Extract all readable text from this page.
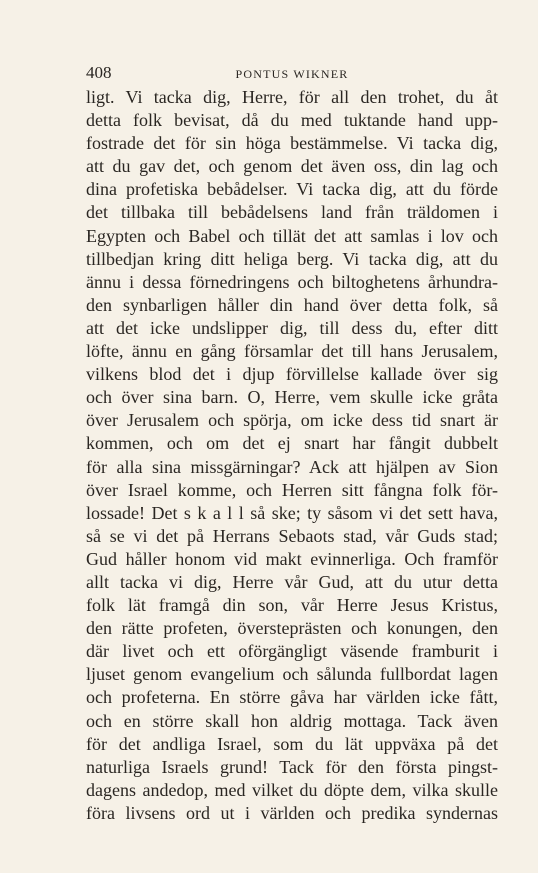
408	PONTUS WIKNER
ligt. Vi tacka dig, Herre, för all den trohet, du åt
detta folk bevisat, då du med tuktande hand upp-
fostrade det för sin höga bestämmelse. Vi tacka dig,
att du gav det, och genom det även oss, din lag och
dina profetiska bebådelser. Vi tacka dig, att du förde
det tillbaka till bebådelsens land från träldomen i
Egypten och Babel och tillät det att samlas i lov och
tillbedjan kring ditt heliga berg. Vi tacka dig, att du
ännu i dessa förnedringens och biltoghetens århundra-
den synbarligen håller din hand över detta folk, så
att det icke undslipper dig, till dess du, efter ditt
löfte, ännu en gång församlar det till hans Jerusalem,
vilkens blod det i djup förvillelse kallade över sig
och över sina barn. O, Herre, vem skulle icke gråta
över Jerusalem och spörja, om icke dess tid snart är
kommen, och om det ej snart har fångit dubbelt
för alla sina missgärningar? Ack att hjälpen av Sion
över Israel komme, och Herren sitt fångna folk för-
lossade! Det s k a l l så ske; ty såsom vi det sett hava,
så se vi det på Herrans Sebaots stad, vår Guds stad;
Gud håller honom vid makt evinnerliga. Och framför
allt tacka vi dig, Herre vår Gud, att du utur detta
folk lät framgå din son, vår Herre Jesus Kristus,
den rätte profeten, översteprästen och konungen, den
där livet och ett oförgängligt väsende framburit i
ljuset genom evangelium och sålunda fullbordat lagen
och profeterna. En större gåva har världen icke fått,
och en större skall hon aldrig mottaga. Tack även
för det andliga Israel, som du lät uppväxa på det
naturliga Israels grund! Tack för den första pingst-
dagens andedop, med vilket du döpte dem, vilka skulle
föra livsens ord ut i världen och predika syndernas
